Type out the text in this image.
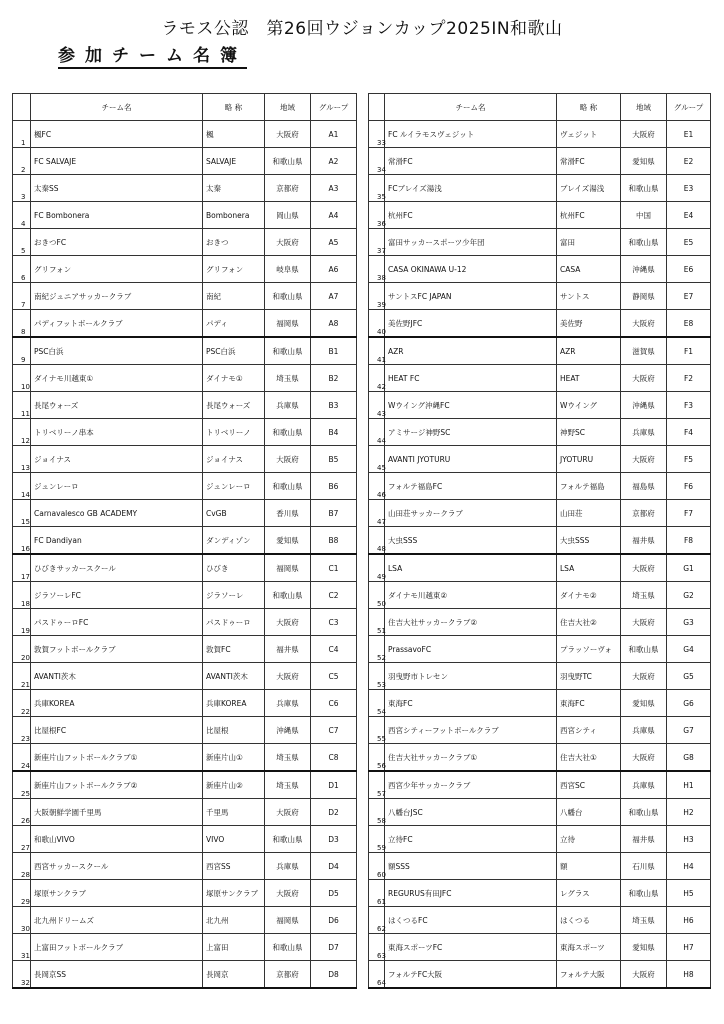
ラモス公認　第26回ウジョンカップ2025IN和歌山
参加チーム名簿
	チーム名	略 称	地域	グループ
1	楓FC	楓	大阪府	A1
2	FC SALVAJE	SALVAJE	和歌山県	A2
3	太秦SS	太秦	京都府	A3
4	FC Bombonera	Bombonera	岡山県	A4
5	おきつFC	おきつ	大阪府	A5
6	グリフォン	グリフォン	岐阜県	A6
7	南紀ジュニアサッカークラブ	南紀	和歌山県	A7
8	パディフットボールクラブ	パディ	福岡県	A8
9	PSC白浜	PSC白浜	和歌山県	B1
10	ダイナモ川越東①	ダイナモ①	埼玉県	B2
11	長尾ウォーズ	長尾ウォーズ	兵庫県	B3
12	トリベリーノ串本	トリベリーノ	和歌山県	B4
13	ジョイナス	ジョイナス	大阪府	B5
14	ジュンレーロ	ジュンレーロ	和歌山県	B6
15	Carnavalesco GB ACADEMY	CvGB	香川県	B7
16	FC Dandiyan	ダンディゾン	愛知県	B8
17	ひびきサッカースクール	ひびき	福岡県	C1
18	ジラソーレFC	ジラソーレ	和歌山県	C2
19	パスドゥーロFC	パスドゥーロ	大阪府	C3
20	敦賀フットボールクラブ	敦賀FC	福井県	C4
21	AVANTI茨木	AVANTI茨木	大阪府	C5
22	兵庫KOREA	兵庫KOREA	兵庫県	C6
23	比屋根FC	比屋根	沖縄県	C7
24	新座片山フットボールクラブ①	新座片山①	埼玉県	C8
25	新座片山フットボールクラブ②	新座片山②	埼玉県	D1
26	大阪朝鮮学園千里馬	千里馬	大阪府	D2
27	和歌山VIVO	VIVO	和歌山県	D3
28	西宮サッカースクール	西宮SS	兵庫県	D4
29	塚原サンクラブ	塚原サンクラブ	大阪府	D5
30	北九州ドリームズ	北九州	福岡県	D6
31	上富田フットボールクラブ	上富田	和歌山県	D7
32	長岡京SS	長岡京	京都府	D8
	チーム名	略 称	地域	グループ
33	FC ルイラモスヴェジット	ヴェジット	大阪府	E1
34	常滑FC	常滑FC	愛知県	E2
35	FCブレイズ湯浅	ブレイズ湯浅	和歌山県	E3
36	杭州FC	杭州FC	中国	E4
37	富田サッカースポーツ少年団	富田	和歌山県	E5
38	CASA OKINAWA U-12	CASA	沖縄県	E6
39	サントスFC JAPAN	サントス	静岡県	E7
40	美佐野JFC	美佐野	大阪府	E8
41	AZR	AZR	滋賀県	F1
42	HEAT FC	HEAT	大阪府	F2
43	Wウイング沖縄FC	Wウイング	沖縄県	F3
44	アミサージ神野SC	神野SC	兵庫県	F4
45	AVANTI JYOTURU	JYOTURU	大阪府	F5
46	フォルテ福島FC	フォルテ福島	福島県	F6
47	山田荘サッカークラブ	山田荘	京都府	F7
48	大虫SSS	大虫SSS	福井県	F8
49	LSA	LSA	大阪府	G1
50	ダイナモ川越東②	ダイナモ②	埼玉県	G2
51	住吉大社サッカークラブ②	住吉大社②	大阪府	G3
52	PrassavoFC	プラッソーヴォ	和歌山県	G4
53	羽曳野市トレセン	羽曳野TC	大阪府	G5
54	東海FC	東海FC	愛知県	G6
55	西宮シティーフットボールクラブ	西宮シティ	兵庫県	G7
56	住吉大社サッカークラブ①	住吉大社①	大阪府	G8
57	西宮少年サッカークラブ	西宮SC	兵庫県	H1
58	八幡台JSC	八幡台	和歌山県	H2
59	立待FC	立待	福井県	H3
60	額SSS	額	石川県	H4
61	REGURUS有田JFC	レグラス	和歌山県	H5
62	はくつるFC	はくつる	埼玉県	H6
63	東海スポーツFC	東海スポーツ	愛知県	H7
64	フォルテFC大阪	フォルテ大阪	大阪府	H8
